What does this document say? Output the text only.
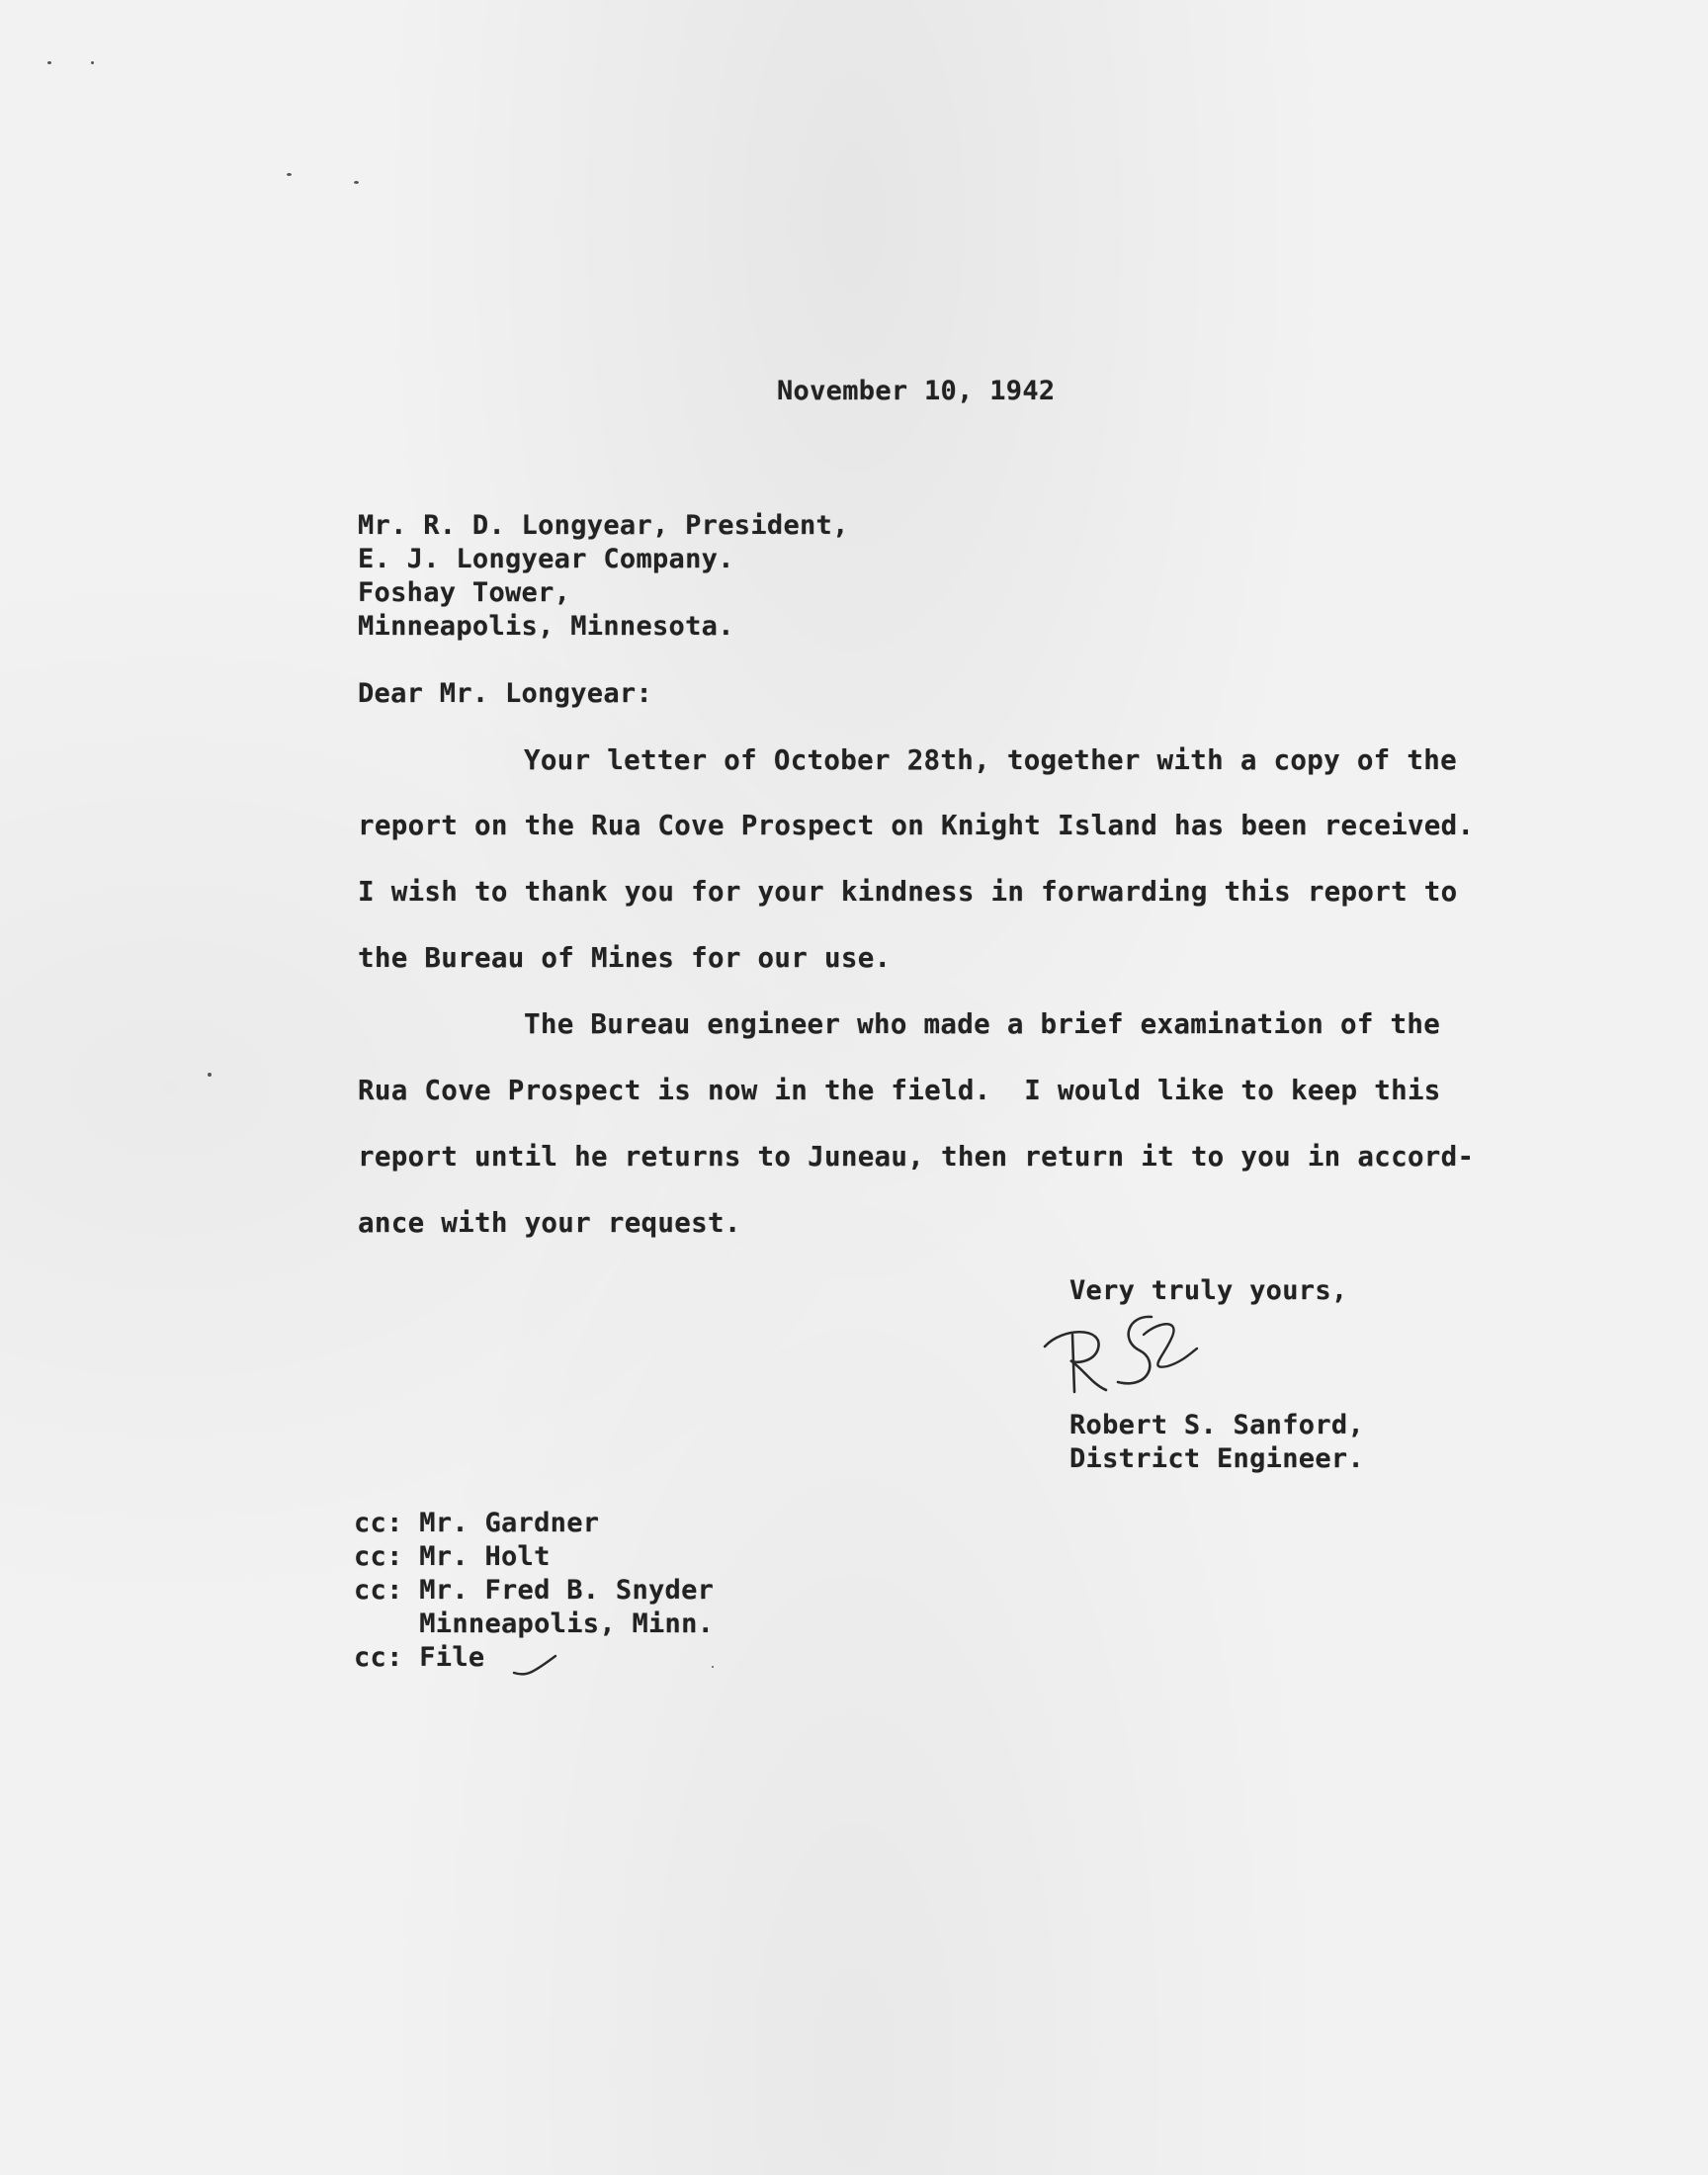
November 10, 1942
Mr. R. D. Longyear, President,
E. J. Longyear Company.
Foshay Tower,
Minneapolis, Minnesota.
Dear Mr. Longyear:
Your letter of October 28th, together with a copy of the
report on the Rua Cove Prospect on Knight Island has been received.
I wish to thank you for your kindness in forwarding this report to
the Bureau of Mines for our use.
The Bureau engineer who made a brief examination of the
Rua Cove Prospect is now in the field.  I would like to keep this
report until he returns to Juneau, then return it to you in accord-
ance with your request.
Very truly yours,
Robert S. Sanford,
District Engineer.
cc: Mr. Gardner
cc: Mr. Holt
cc: Mr. Fred B. Snyder
Minneapolis, Minn.
cc: File
